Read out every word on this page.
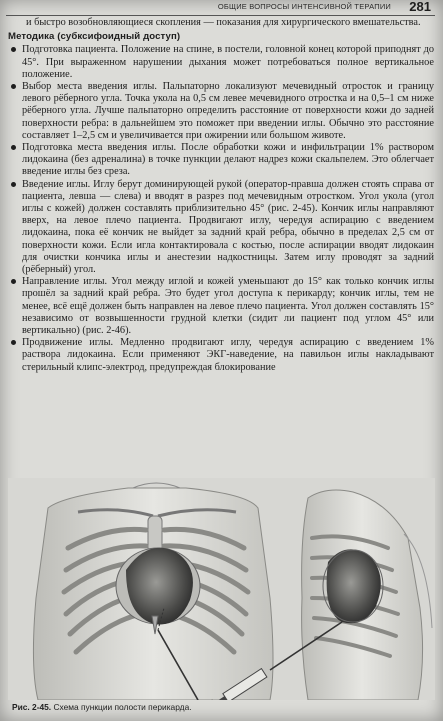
ОБЩИЕ ВОПРОСЫ ИНТЕНСИВНОЙ ТЕРАПИИ 281

и быстро возобновляющиеся скопления — показания для хирургического вмешательства.

Методика (субксифоидный доступ)

Подготовка пациента. Положение на спине, в постели, головной конец которой приподнят до 45°. При выраженном нарушении дыхания может потребоваться полное вертикальное положение.
Выбор места введения иглы. Пальпаторно локализуют мечевидный отросток и границу левого рёберного угла. Точка укола на 0,5 см левее мечевидного отростка и на 0,5–1 см ниже рёберного угла. Лучше пальпаторно определить расстояние от поверхности кожи до задней поверхности ребра: в дальнейшем это поможет при введении иглы. Обычно это расстояние составляет 1–2,5 см и увеличивается при ожирении или большом животе.
Подготовка места введения иглы. После обработки кожи и инфильтрации 1% раствором лидокаина (без адреналина) в точке пункции делают надрез кожи скальпелем. Это облегчает введение иглы без среза.
Введение иглы. Иглу берут доминирующей рукой (оператор-правша должен стоять справа от пациента, левша — слева) и вводят в разрез под мечевидным отростком. Угол укола (угол иглы с кожей) должен составлять приблизительно 45° (рис. 2-45). Кончик иглы направляют вверх, на левое плечо пациента. Продвигают иглу, чередуя аспирацию с введением лидокаина, пока её кончик не выйдет за задний край ребра, обычно в пределах 2,5 см от поверхности кожи. Если игла контактировала с костью, после аспирации вводят лидокаин для очистки кончика иглы и анестезии надкостницы. Затем иглу проводят за задний (рёберный) угол.
Направление иглы. Угол между иглой и кожей уменьшают до 15° как только кончик иглы прошёл за задний край ребра. Это будет угол доступа к перикарду; кончик иглы, тем не менее, всё ещё должен быть направлен на левое плечо пациента. Угол должен составлять 15° независимо от возвышенности грудной клетки (сидит ли пациент под углом 45° или вертикально) (рис. 2-46).
Продвижение иглы. Медленно продвигают иглу, чередуя аспирацию с введением 1% раствора лидокаина. Если применяют ЭКГ-наведение, на павильон иглы накладывают стерильный клипс-электрод, предупреждая блокирование
Рис. 2-45. Схема пункции полости перикарда.
